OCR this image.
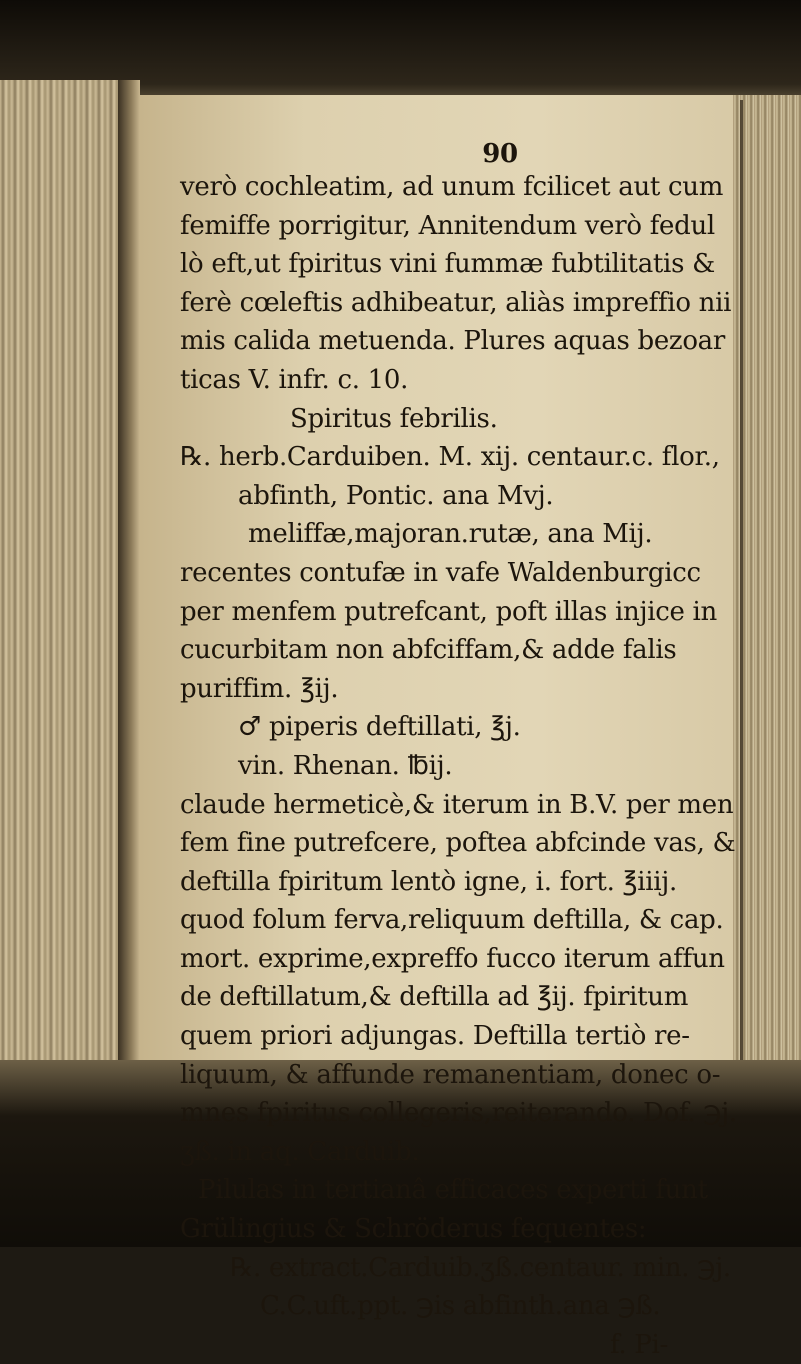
90
verò cochleatim, ad unum fcilicet aut cum
femiffe porrigitur, Annitendum verò fedul
lò eft,ut fpiritus vini fummæ fubtilitatis &
ferè cœleftis adhibeatur, aliàs impreffio nii
mis calida metuenda. Plures aquas bezoar
ticas V. infr. c. 10.
Spiritus febrilis.
℞. herb.Carduiben. M. xij. centaur.c. flor.,
abfinth, Pontic. ana Mvj.
meliffæ,majoran.rutæ, ana Mij.
recentes contufæ in vafe Waldenburgicc
per menfem putrefcant, poft illas injice in
cucurbitam non abfciffam,& adde falis
puriffim. ℥ij.
♂ piperis deftillati, ℥j.
vin. Rhenan. ℔ij.
claude hermeticè,& iterum in B.V. per men
fem fine putrefcere, poftea abfcinde vas, &
deftilla fpiritum lentò igne, i. fort. ℥iiij.
quod folum ferva,reliquum deftilla, & cap.
mort. exprime,expreffo fucco iterum affun
de deftillatum,& deftilla ad ℥ij. fpiritum
quem priori adjungas. Deftilla tertiò re-
liquum, & affunde remanentiam, donec o-
mnes fpiritus collegeris,reiterando. Dof. ℈j.
ʒß. in aq. Carduib.
Pilulas in tertianâ efficaces experti funt
Grülingius & Schröderus fequentes:
℞. extract.Carduib.ʒß.centaur. min. ℈j.
C.C.uft.ppt. ℈is abfinth.ana ℈ß.
f. Pi-
